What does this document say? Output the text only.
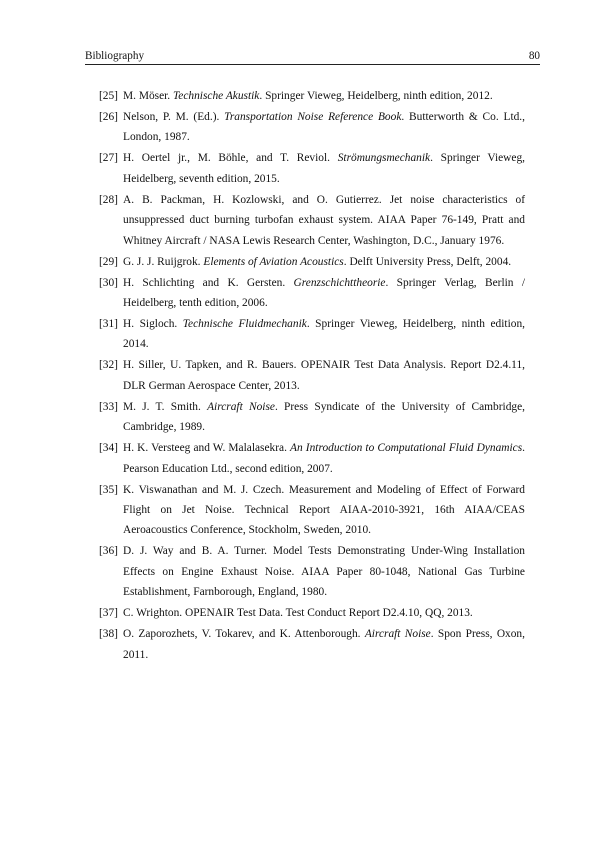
Bibliography	80
[25] M. Möser. Technische Akustik. Springer Vieweg, Heidelberg, ninth edition, 2012.
[26] Nelson, P. M. (Ed.). Transportation Noise Reference Book. Butterworth & Co. Ltd., London, 1987.
[27] H. Oertel jr., M. Böhle, and T. Reviol. Strömungsmechanik. Springer Vieweg, Heidelberg, seventh edition, 2015.
[28] A. B. Packman, H. Kozlowski, and O. Gutierrez. Jet noise characteristics of unsuppressed duct burning turbofan exhaust system. AIAA Paper 76-149, Pratt and Whitney Aircraft / NASA Lewis Research Center, Washington, D.C., January 1976.
[29] G. J. J. Ruijgrok. Elements of Aviation Acoustics. Delft University Press, Delft, 2004.
[30] H. Schlichting and K. Gersten. Grenzschichttheorie. Springer Verlag, Berlin / Heidelberg, tenth edition, 2006.
[31] H. Sigloch. Technische Fluidmechanik. Springer Vieweg, Heidelberg, ninth edition, 2014.
[32] H. Siller, U. Tapken, and R. Bauers. OPENAIR Test Data Analysis. Report D2.4.11, DLR German Aerospace Center, 2013.
[33] M. J. T. Smith. Aircraft Noise. Press Syndicate of the University of Cambridge, Cambridge, 1989.
[34] H. K. Versteeg and W. Malalasekra. An Introduction to Computational Fluid Dynamics. Pearson Education Ltd., second edition, 2007.
[35] K. Viswanathan and M. J. Czech. Measurement and Modeling of Effect of Forward Flight on Jet Noise. Technical Report AIAA-2010-3921, 16th AIAA/CEAS Aeroacoustics Conference, Stockholm, Sweden, 2010.
[36] D. J. Way and B. A. Turner. Model Tests Demonstrating Under-Wing Installation Effects on Engine Exhaust Noise. AIAA Paper 80-1048, National Gas Turbine Establishment, Farnborough, England, 1980.
[37] C. Wrighton. OPENAIR Test Data. Test Conduct Report D2.4.10, QQ, 2013.
[38] O. Zaporozhets, V. Tokarev, and K. Attenborough. Aircraft Noise. Spon Press, Oxon, 2011.
